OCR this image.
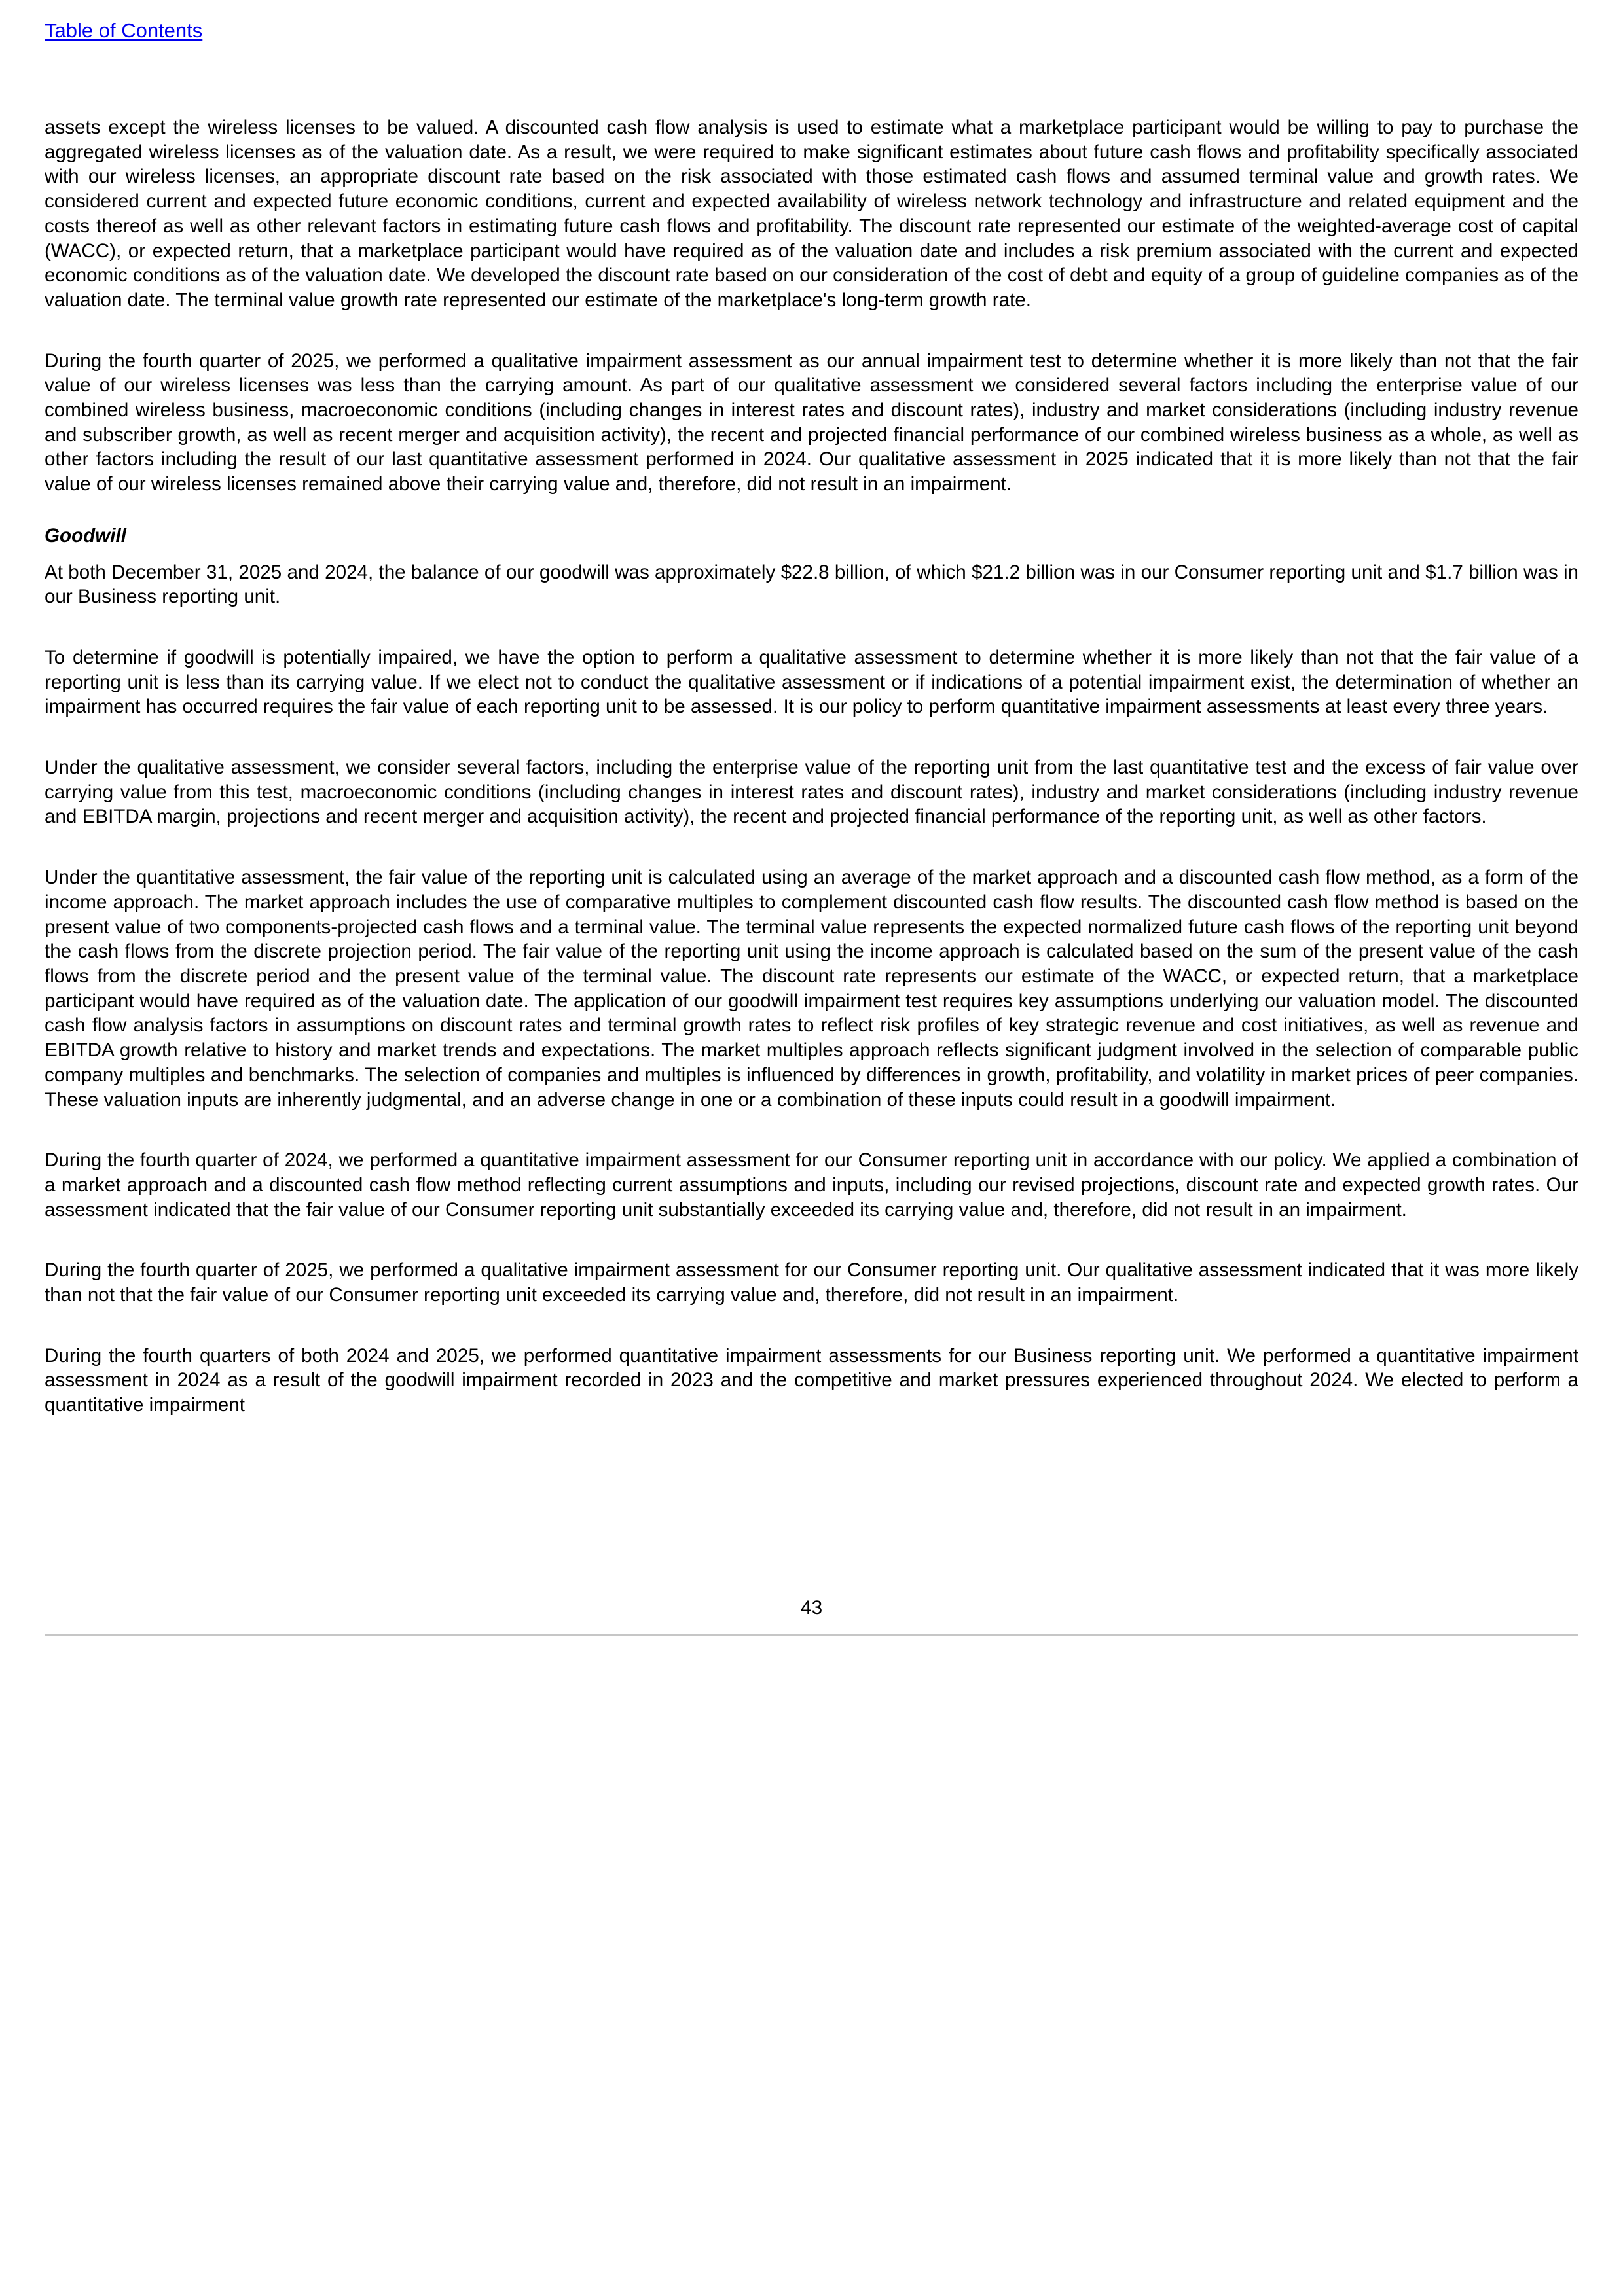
Table of Contents

assets except the wireless licenses to be valued. A discounted cash flow analysis is used to estimate what a marketplace participant would be willing to pay to purchase the aggregated wireless licenses as of the valuation date. As a result, we were required to make significant estimates about future cash flows and profitability specifically associated with our wireless licenses, an appropriate discount rate based on the risk associated with those estimated cash flows and assumed terminal value and growth rates. We considered current and expected future economic conditions, current and expected availability of wireless network technology and infrastructure and related equipment and the costs thereof as well as other relevant factors in estimating future cash flows and profitability. The discount rate represented our estimate of the weighted-average cost of capital (WACC), or expected return, that a marketplace participant would have required as of the valuation date and includes a risk premium associated with the current and expected economic conditions as of the valuation date. We developed the discount rate based on our consideration of the cost of debt and equity of a group of guideline companies as of the valuation date. The terminal value growth rate represented our estimate of the marketplace's long-term growth rate.

During the fourth quarter of 2025, we performed a qualitative impairment assessment as our annual impairment test to determine whether it is more likely than not that the fair value of our wireless licenses was less than the carrying amount. As part of our qualitative assessment we considered several factors including the enterprise value of our combined wireless business, macroeconomic conditions (including changes in interest rates and discount rates), industry and market considerations (including industry revenue and subscriber growth, as well as recent merger and acquisition activity), the recent and projected financial performance of our combined wireless business as a whole, as well as other factors including the result of our last quantitative assessment performed in 2024. Our qualitative assessment in 2025 indicated that it is more likely than not that the fair value of our wireless licenses remained above their carrying value and, therefore, did not result in an impairment.

Goodwill

At both December 31, 2025 and 2024, the balance of our goodwill was approximately $22.8 billion, of which $21.2 billion was in our Consumer reporting unit and $1.7 billion was in our Business reporting unit.

To determine if goodwill is potentially impaired, we have the option to perform a qualitative assessment to determine whether it is more likely than not that the fair value of a reporting unit is less than its carrying value. If we elect not to conduct the qualitative assessment or if indications of a potential impairment exist, the determination of whether an impairment has occurred requires the fair value of each reporting unit to be assessed. It is our policy to perform quantitative impairment assessments at least every three years.

Under the qualitative assessment, we consider several factors, including the enterprise value of the reporting unit from the last quantitative test and the excess of fair value over carrying value from this test, macroeconomic conditions (including changes in interest rates and discount rates), industry and market considerations (including industry revenue and EBITDA margin, projections and recent merger and acquisition activity), the recent and projected financial performance of the reporting unit, as well as other factors.

Under the quantitative assessment, the fair value of the reporting unit is calculated using an average of the market approach and a discounted cash flow method, as a form of the income approach. The market approach includes the use of comparative multiples to complement discounted cash flow results. The discounted cash flow method is based on the present value of two components-projected cash flows and a terminal value. The terminal value represents the expected normalized future cash flows of the reporting unit beyond the cash flows from the discrete projection period. The fair value of the reporting unit using the income approach is calculated based on the sum of the present value of the cash flows from the discrete period and the present value of the terminal value. The discount rate represents our estimate of the WACC, or expected return, that a marketplace participant would have required as of the valuation date. The application of our goodwill impairment test requires key assumptions underlying our valuation model. The discounted cash flow analysis factors in assumptions on discount rates and terminal growth rates to reflect risk profiles of key strategic revenue and cost initiatives, as well as revenue and EBITDA growth relative to history and market trends and expectations. The market multiples approach reflects significant judgment involved in the selection of comparable public company multiples and benchmarks. The selection of companies and multiples is influenced by differences in growth, profitability, and volatility in market prices of peer companies. These valuation inputs are inherently judgmental, and an adverse change in one or a combination of these inputs could result in a goodwill impairment.

During the fourth quarter of 2024, we performed a quantitative impairment assessment for our Consumer reporting unit in accordance with our policy. We applied a combination of a market approach and a discounted cash flow method reflecting current assumptions and inputs, including our revised projections, discount rate and expected growth rates. Our assessment indicated that the fair value of our Consumer reporting unit substantially exceeded its carrying value and, therefore, did not result in an impairment.

During the fourth quarter of 2025, we performed a qualitative impairment assessment for our Consumer reporting unit. Our qualitative assessment indicated that it was more likely than not that the fair value of our Consumer reporting unit exceeded its carrying value and, therefore, did not result in an impairment.

During the fourth quarters of both 2024 and 2025, we performed quantitative impairment assessments for our Business reporting unit. We performed a quantitative impairment assessment in 2024 as a result of the goodwill impairment recorded in 2023 and the competitive and market pressures experienced throughout 2024. We elected to perform a quantitative impairment

43
